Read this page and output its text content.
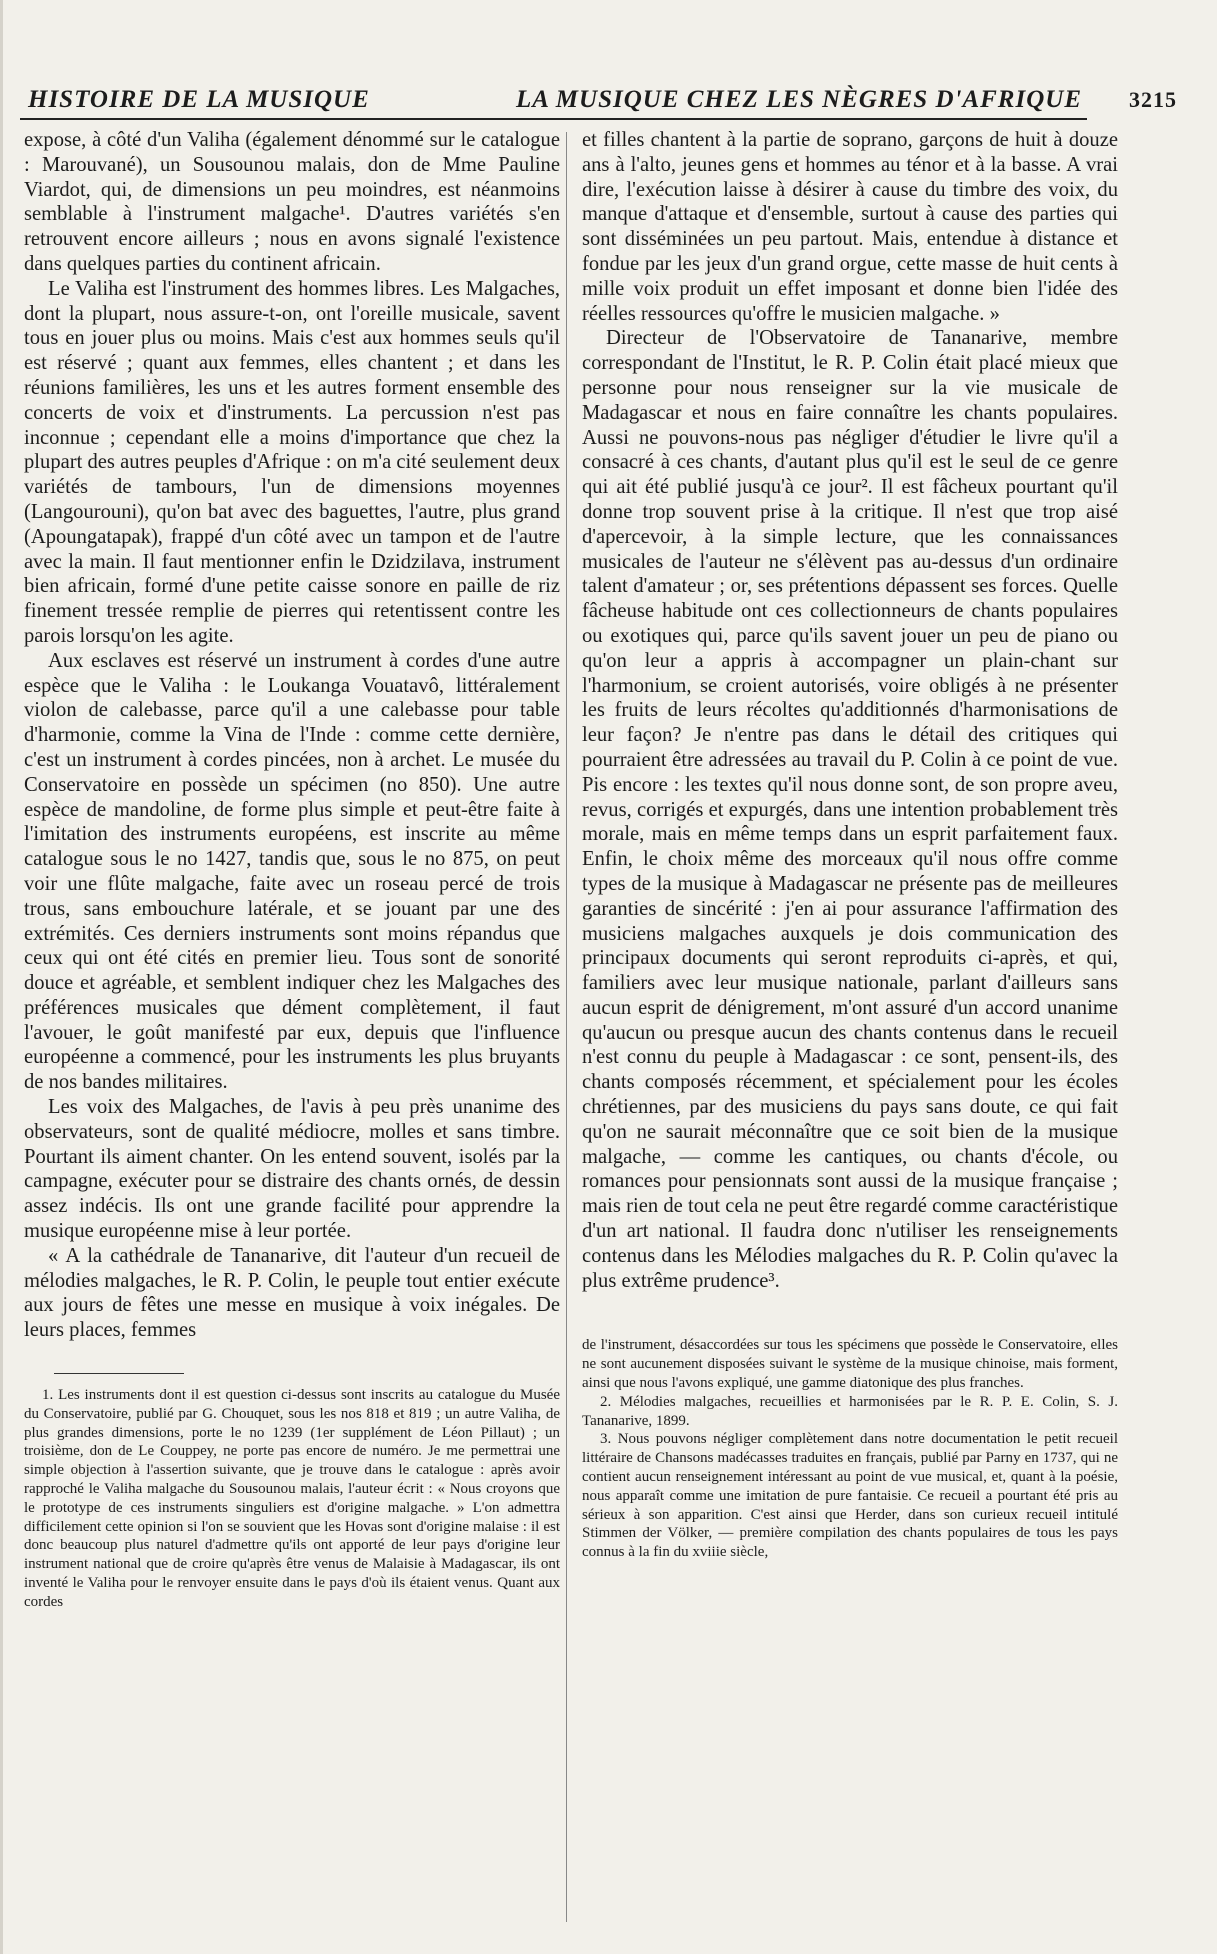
HISTOIRE DE LA MUSIQUE	LA MUSIQUE CHEZ LES NÈGRES D'AFRIQUE 3215

expose, à côté d'un Valiha (également dénommé sur le catalogue : Marouvané), un Sousounou malais, don de Mme Pauline Viardot, qui, de dimensions un peu moindres, est néanmoins semblable à l'instrument malgache¹. D'autres variétés s'en retrouvent encore ailleurs ; nous en avons signalé l'existence dans quelques parties du continent africain.

Le Valiha est l'instrument des hommes libres. Les Malgaches, dont la plupart, nous assure-t-on, ont l'oreille musicale, savent tous en jouer plus ou moins. Mais c'est aux hommes seuls qu'il est réservé ; quant aux femmes, elles chantent ; et dans les réunions familières, les uns et les autres forment ensemble des concerts de voix et d'instruments. La percussion n'est pas inconnue ; cependant elle a moins d'importance que chez la plupart des autres peuples d'Afrique : on m'a cité seulement deux variétés de tambours, l'un de dimensions moyennes (Langourouni), qu'on bat avec des baguettes, l'autre, plus grand (Apoungatapak), frappé d'un côté avec un tampon et de l'autre avec la main. Il faut mentionner enfin le Dzidzilava, instrument bien africain, formé d'une petite caisse sonore en paille de riz finement tressée remplie de pierres qui retentissent contre les parois lorsqu'on les agite.

Aux esclaves est réservé un instrument à cordes d'une autre espèce que le Valiha : le Loukanga Vouatavô, littéralement violon de calebasse, parce qu'il a une calebasse pour table d'harmonie, comme la Vina de l'Inde : comme cette dernière, c'est un instrument à cordes pincées, non à archet. Le musée du Conservatoire en possède un spécimen (no 850). Une autre espèce de mandoline, de forme plus simple et peut-être faite à l'imitation des instruments européens, est inscrite au même catalogue sous le no 1427, tandis que, sous le no 875, on peut voir une flûte malgache, faite avec un roseau percé de trois trous, sans embouchure latérale, et se jouant par une des extrémités. Ces derniers instruments sont moins répandus que ceux qui ont été cités en premier lieu. Tous sont de sonorité douce et agréable, et semblent indiquer chez les Malgaches des préférences musicales que dément complètement, il faut l'avouer, le goût manifesté par eux, depuis que l'influence européenne a commencé, pour les instruments les plus bruyants de nos bandes militaires.

Les voix des Malgaches, de l'avis à peu près unanime des observateurs, sont de qualité médiocre, molles et sans timbre. Pourtant ils aiment chanter. On les entend souvent, isolés par la campagne, exécuter pour se distraire des chants ornés, de dessin assez indécis. Ils ont une grande facilité pour apprendre la musique européenne mise à leur portée.

« A la cathédrale de Tananarive, dit l'auteur d'un recueil de mélodies malgaches, le R. P. Colin, le peuple tout entier exécute aux jours de fêtes une messe en musique à voix inégales. De leurs places, femmes

1. Les instruments dont il est question ci-dessus sont inscrits au catalogue du Musée du Conservatoire, publié par G. Chouquet, sous les nos 818 et 819 ; un autre Valiha, de plus grandes dimensions, porte le no 1239 (1er supplément de Léon Pillaut) ; un troisième, don de Le Couppey, ne porte pas encore de numéro. Je me permettrai une simple objection à l'assertion suivante, que je trouve dans le catalogue : après avoir rapproché le Valiha malgache du Sousounou malais, l'auteur écrit : « Nous croyons que le prototype de ces instruments singuliers est d'origine malgache. » L'on admettra difficilement cette opinion si l'on se souvient que les Hovas sont d'origine malaise : il est donc beaucoup plus naturel d'admettre qu'ils ont apporté de leur pays d'origine leur instrument national que de croire qu'après être venus de Malaisie à Madagascar, ils ont inventé le Valiha pour le renvoyer ensuite dans le pays d'où ils étaient venus. Quant aux cordes

et filles chantent à la partie de soprano, garçons de huit à douze ans à l'alto, jeunes gens et hommes au ténor et à la basse. A vrai dire, l'exécution laisse à désirer à cause du timbre des voix, du manque d'attaque et d'ensemble, surtout à cause des parties qui sont disséminées un peu partout. Mais, entendue à distance et fondue par les jeux d'un grand orgue, cette masse de huit cents à mille voix produit un effet imposant et donne bien l'idée des réelles ressources qu'offre le musicien malgache. »

Directeur de l'Observatoire de Tananarive, membre correspondant de l'Institut, le R. P. Colin était placé mieux que personne pour nous renseigner sur la vie musicale de Madagascar et nous en faire connaître les chants populaires. Aussi ne pouvons-nous pas négliger d'étudier le livre qu'il a consacré à ces chants, d'autant plus qu'il est le seul de ce genre qui ait été publié jusqu'à ce jour². Il est fâcheux pourtant qu'il donne trop souvent prise à la critique. Il n'est que trop aisé d'apercevoir, à la simple lecture, que les connaissances musicales de l'auteur ne s'élèvent pas au-dessus d'un ordinaire talent d'amateur ; or, ses prétentions dépassent ses forces. Quelle fâcheuse habitude ont ces collectionneurs de chants populaires ou exotiques qui, parce qu'ils savent jouer un peu de piano ou qu'on leur a appris à accompagner un plain-chant sur l'harmonium, se croient autorisés, voire obligés à ne présenter les fruits de leurs récoltes qu'additionnés d'harmonisations de leur façon? Je n'entre pas dans le détail des critiques qui pourraient être adressées au travail du P. Colin à ce point de vue. Pis encore : les textes qu'il nous donne sont, de son propre aveu, revus, corrigés et expurgés, dans une intention probablement très morale, mais en même temps dans un esprit parfaitement faux. Enfin, le choix même des morceaux qu'il nous offre comme types de la musique à Madagascar ne présente pas de meilleures garanties de sincérité : j'en ai pour assurance l'affirmation des musiciens malgaches auxquels je dois communication des principaux documents qui seront reproduits ci-après, et qui, familiers avec leur musique nationale, parlant d'ailleurs sans aucun esprit de dénigrement, m'ont assuré d'un accord unanime qu'aucun ou presque aucun des chants contenus dans le recueil n'est connu du peuple à Madagascar : ce sont, pensent-ils, des chants composés récemment, et spécialement pour les écoles chrétiennes, par des musiciens du pays sans doute, ce qui fait qu'on ne saurait méconnaître que ce soit bien de la musique malgache, — comme les cantiques, ou chants d'école, ou romances pour pensionnats sont aussi de la musique française ; mais rien de tout cela ne peut être regardé comme caractéristique d'un art national. Il faudra donc n'utiliser les renseignements contenus dans les Mélodies malgaches du R. P. Colin qu'avec la plus extrême prudence³.

de l'instrument, désaccordées sur tous les spécimens que possède le Conservatoire, elles ne sont aucunement disposées suivant le système de la musique chinoise, mais forment, ainsi que nous l'avons expliqué, une gamme diatonique des plus franches.

2. Mélodies malgaches, recueillies et harmonisées par le R. P. E. Colin, S. J. Tananarive, 1899.

3. Nous pouvons négliger complètement dans notre documentation le petit recueil littéraire de Chansons madécasses traduites en français, publié par Parny en 1737, qui ne contient aucun renseignement intéressant au point de vue musical, et, quant à la poésie, nous apparaît comme une imitation de pure fantaisie. Ce recueil a pourtant été pris au sérieux à son apparition. C'est ainsi que Herder, dans son curieux recueil intitulé Stimmen der Völker, — première compilation des chants populaires de tous les pays connus à la fin du xviiie siècle,
